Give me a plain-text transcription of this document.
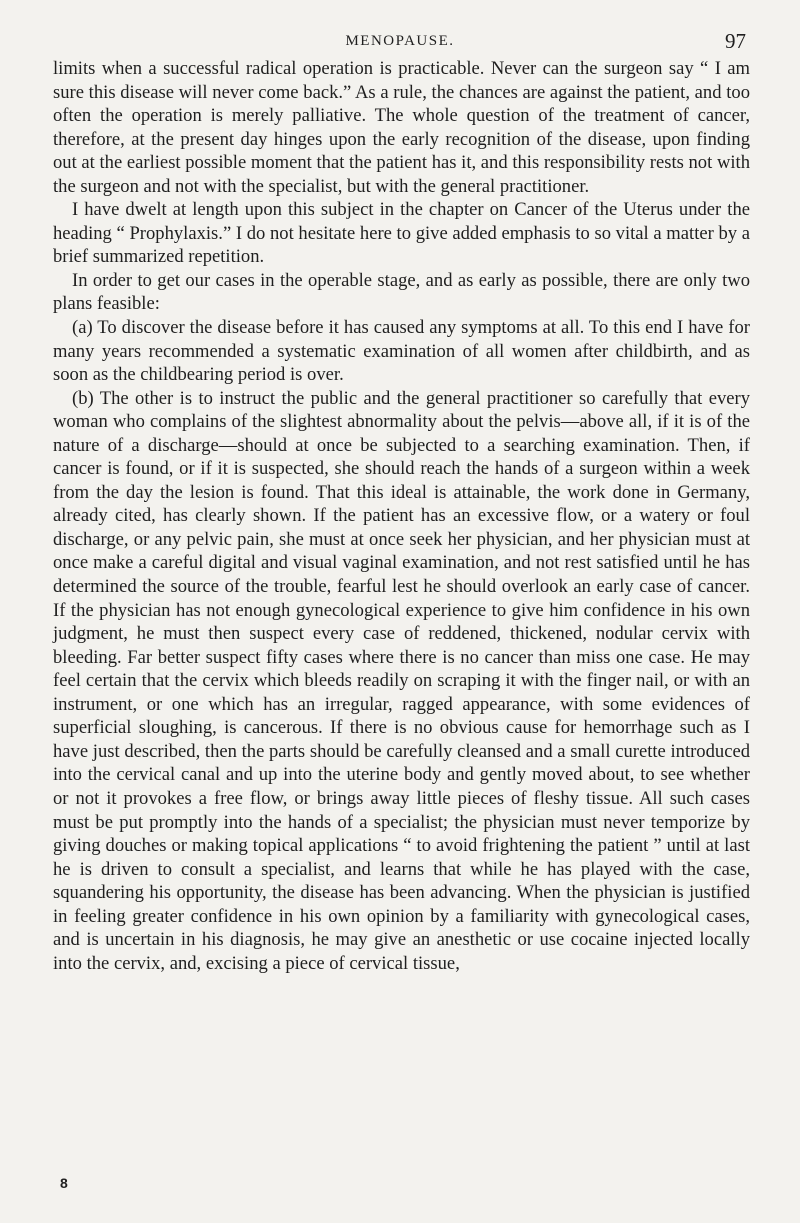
MENOPAUSE.	97

limits when a successful radical operation is practicable. Never can the surgeon say “ I am sure this disease will never come back.” As a rule, the chances are against the patient, and too often the operation is merely palliative. The whole question of the treatment of cancer, therefore, at the present day hinges upon the early recognition of the disease, upon finding out at the earliest possible moment that the patient has it, and this responsibility rests not with the surgeon and not with the specialist, but with the general practitioner.

I have dwelt at length upon this subject in the chapter on Cancer of the Uterus under the heading “ Prophylaxis.” I do not hesitate here to give added emphasis to so vital a matter by a brief summarized repetition.

In order to get our cases in the operable stage, and as early as possible, there are only two plans feasible:

(a) To discover the disease before it has caused any symptoms at all. To this end I have for many years recommended a systematic examination of all women after childbirth, and as soon as the childbearing period is over.

(b) The other is to instruct the public and the general practitioner so carefully that every woman who complains of the slightest abnormality about the pelvis—above all, if it is of the nature of a discharge—should at once be subjected to a searching examination. Then, if cancer is found, or if it is suspected, she should reach the hands of a surgeon within a week from the day the lesion is found. That this ideal is attainable, the work done in Germany, already cited, has clearly shown. If the patient has an excessive flow, or a watery or foul discharge, or any pelvic pain, she must at once seek her physician, and her physician must at once make a careful digital and visual vaginal examination, and not rest satisfied until he has determined the source of the trouble, fearful lest he should overlook an early case of cancer. If the physician has not enough gynecological experience to give him confidence in his own judgment, he must then suspect every case of reddened, thickened, nodular cervix with bleeding. Far better suspect fifty cases where there is no cancer than miss one case. He may feel certain that the cervix which bleeds readily on scraping it with the finger nail, or with an instrument, or one which has an irregular, ragged appearance, with some evidences of superficial sloughing, is cancerous. If there is no obvious cause for hemorrhage such as I have just described, then the parts should be carefully cleansed and a small curette introduced into the cervical canal and up into the uterine body and gently moved about, to see whether or not it provokes a free flow, or brings away little pieces of fleshy tissue. All such cases must be put promptly into the hands of a specialist; the physician must never temporize by giving douches or making topical applications “ to avoid frightening the patient ” until at last he is driven to consult a specialist, and learns that while he has played with the case, squandering his opportunity, the disease has been advancing. When the physician is justified in feeling greater confidence in his own opinion by a familiarity with gynecological cases, and is uncertain in his diagnosis, he may give an anesthetic or use cocaine injected locally into the cervix, and, excising a piece of cervical tissue,

8
